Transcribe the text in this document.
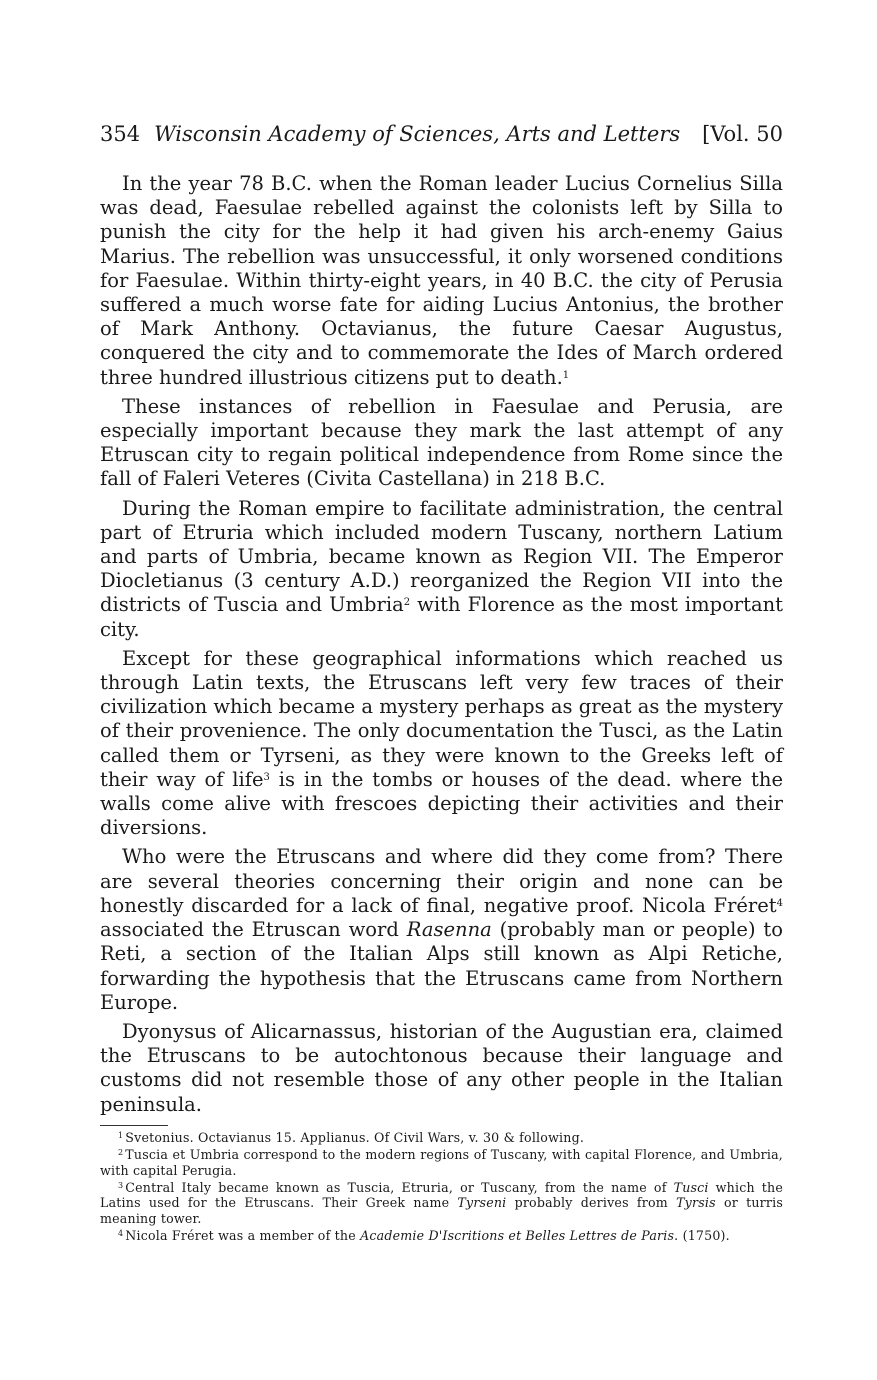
354 Wisconsin Academy of Sciences, Arts and Letters	[Vol. 50

In the year 78 B.C. when the Roman leader Lucius Cornelius Silla was dead, Faesulae rebelled against the colonists left by Silla to punish the city for the help it had given his arch-enemy Gaius Marius. The rebellion was unsuccessful, it only worsened conditions for Faesulae. Within thirty-eight years, in 40 B.C. the city of Perusia suffered a much worse fate for aiding Lucius Antonius, the brother of Mark Anthony. Octavianus, the future Caesar Augustus, conquered the city and to commemorate the Ides of March ordered three hundred illustrious citizens put to death.$^1$

These instances of rebellion in Faesulae and Perusia, are especially important because they mark the last attempt of any Etruscan city to regain political independence from Rome since the fall of Faleri Veteres (Civita Castellana) in 218 B.C.

During the Roman empire to facilitate administration, the central part of Etruria which included modern Tuscany, northern Latium and parts of Umbria, became known as Region VII. The Emperor Diocletianus (3 century A.D.) reorganized the Region VII into the districts of Tuscia and Umbria$^2$ with Florence as the most important city.

Except for these geographical informations which reached us through Latin texts, the Etruscans left very few traces of their civilization which became a mystery perhaps as great as the mystery of their provenience. The only documentation the Tusci, as the Latin called them or Tyrseni, as they were known to the Greeks left of their way of life$^3$ is in the tombs or houses of the dead. where the walls come alive with frescoes depicting their activities and their diversions.

Who were the Etruscans and where did they come from? There are several theories concerning their origin and none can be honestly discarded for a lack of final, negative proof. Nicola Fréret$^4$ associated the Etruscan word Rasenna (probably man or people) to Reti, a section of the Italian Alps still known as Alpi Retiche, forwarding the hypothesis that the Etruscans came from Northern Europe.

Dyonysus of Alicarnassus, historian of the Augustian era, claimed the Etruscans to be autochtonous because their language and customs did not resemble those of any other people in the Italian peninsula.

$^1$ Svetonius. Octavianus 15. Applianus. Of Civil Wars, v. 30 & following.
$^2$ Tuscia et Umbria correspond to the modern regions of Tuscany, with capital Florence, and Umbria, with capital Perugia.
$^3$ Central Italy became known as Tuscia, Etruria, or Tuscany, from the name of Tusci which the Latins used for the Etruscans. Their Greek name Tyrseni probably derives from Tyrsis or turris meaning tower.
$^4$ Nicola Fréret was a member of the Academie D'Iscritions et Belles Lettres de Paris. (1750).
